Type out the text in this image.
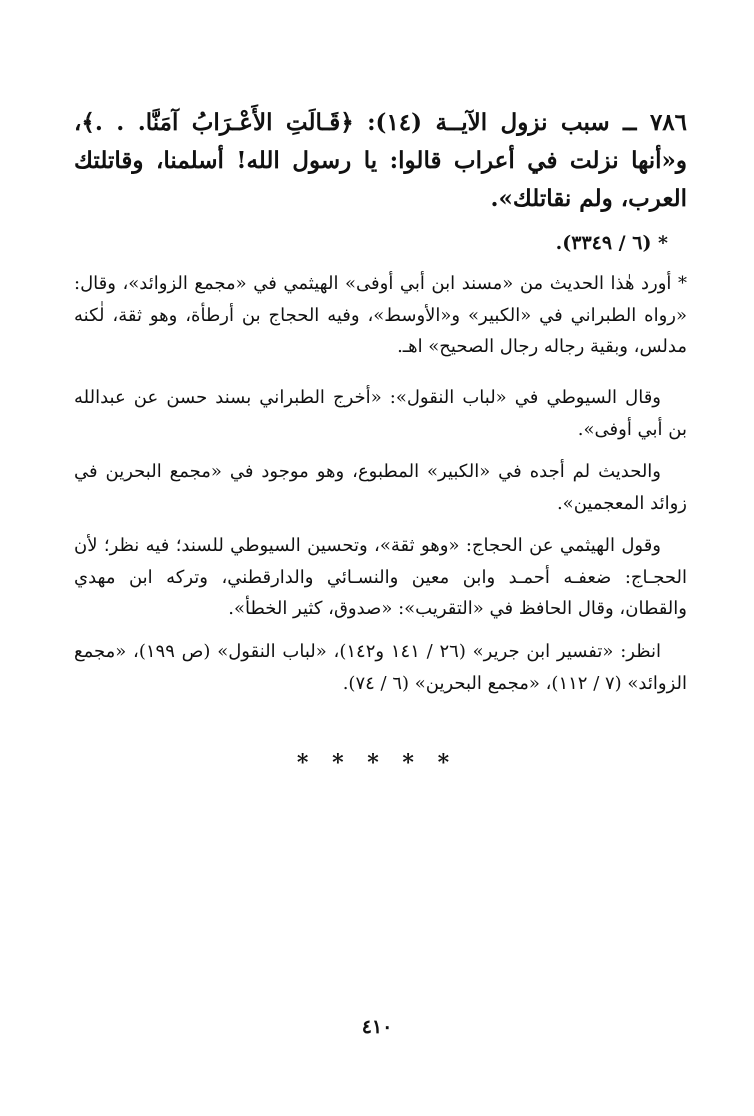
٧٨٦ ــ سبب نزول الآيــة (١٤): ﴿قَـالَتِ الأَعْـرَابُ آمَنَّا. . .﴾، و«أنها نزلت في أعراب قالوا: يا رسول الله! أسلمنا، وقاتلتك العرب، ولم نقاتلك».
* (٦ / ٣٣٤٩).
* أورد هٰذا الحديث من «مسند ابن أبي أوفى» الهيثمي في «مجمع الزوائد»، وقال: «رواه الطبراني في «الكبير» و«الأوسط»، وفيه الحجاج بن أرطأة، وهو ثقة، لٰكنه مدلس، وبقية رجاله رجال الصحيح» اهـ.
وقال السيوطي في «لباب النقول»: «أخرج الطبراني بسند حسن عن عبدالله بن أبي أوفى».
والحديث لم أجده في «الكبير» المطبوع، وهو موجود في «مجمع البحرين في زوائد المعجمين».
وقول الهيثمي عن الحجاج: «وهو ثقة»، وتحسين السيوطي للسند؛ فيه نظر؛ لأن الحجـاج: ضعفـه أحمـد وابن معين والنسـائي والدارقطني، وتركه ابن مهدي والقطان، وقال الحافظ في «التقريب»: «صدوق، كثير الخطأ».
انظر: «تفسير ابن جرير» (٢٦ / ١٤١ و١٤٢)، «لباب النقول» (ص ١٩٩)، «مجمع الزوائد» (٧ / ١١٢)، «مجمع البحرين» (٦ / ٧٤).
* * * * *
٤١٠
